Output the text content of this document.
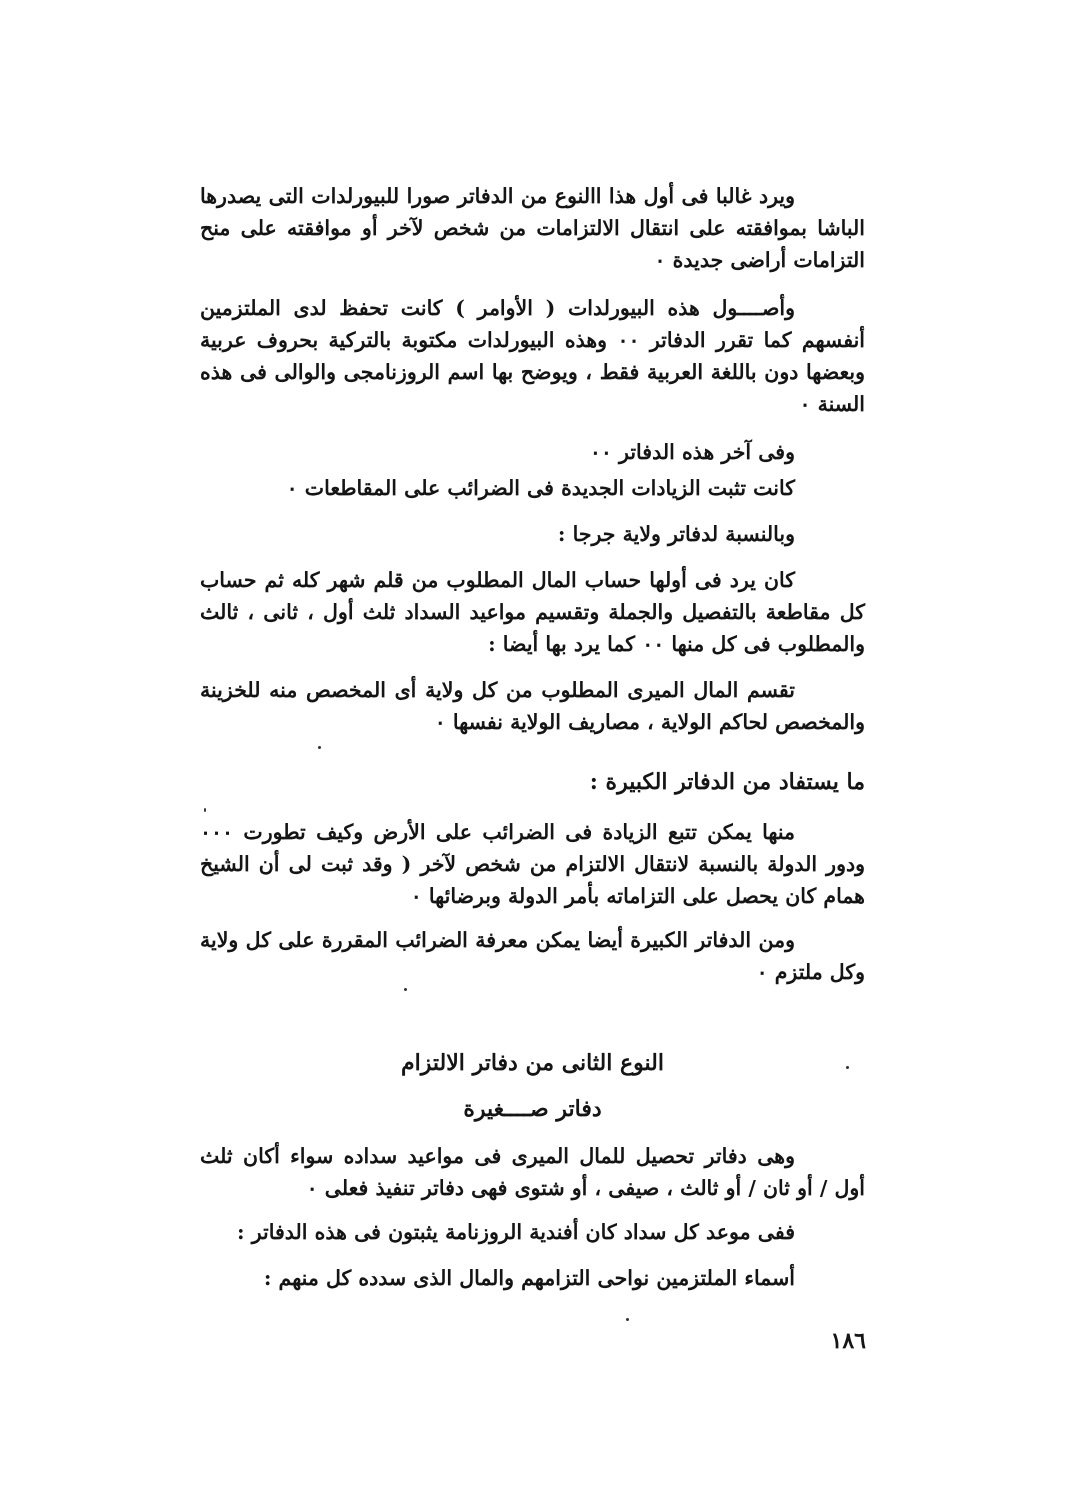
ويرد غالبا فى أول هذا االنوع من الدفاتر صورا للبيورلدات التى يصدرها الباشا بموافقته على انتقال الالتزامات من شخص لآخر أو موافقته على منح التزامات أراضى جديدة ٠

وأصــــول هذه البيورلدات ( الأوامر ) كانت تحفظ لدى الملتزمين أنفسهم كما تقرر الدفاتر ٠٠ وهذه البيورلدات مكتوبة بالتركية بحروف عربية وبعضها دون باللغة العربية فقط ، ويوضح بها اسم الروزنامجى والوالى فى هذه السنة ٠

وفى آخر هذه الدفاتر ٠٠

كانت تثبت الزيادات الجديدة فى الضرائب على المقاطعات ٠

وبالنسبة لدفاتر ولاية جرجا :

كان يرد فى أولها حساب المال المطلوب من قلم شهر كله ثم حساب كل مقاطعة بالتفصيل والجملة وتقسيم مواعيد السداد ثلث أول ، ثانى ، ثالث والمطلوب فى كل منها ٠٠ كما يرد بها أيضا :

تقسم المال الميرى المطلوب من كل ولاية أى المخصص منه للخزينة والمخصص لحاكم الولاية ، مصاريف الولاية نفسها ٠

ما يستفاد من الدفاتر الكبيرة :

منها يمكن تتبع الزيادة فى الضرائب على الأرض وكيف تطورت ٠٠٠ ودور الدولة بالنسبة لانتقال الالتزام من شخص لآخر ( وقد ثبت لى أن الشيخ همام كان يحصل على التزاماته بأمر الدولة وبرضائها ٠

ومن الدفاتر الكبيرة أيضا يمكن معرفة الضرائب المقررة على كل ولاية وكل ملتزم ٠

النوع الثانى من دفاتر الالتزام
دفاتر صــــغيرة

وهى دفاتر تحصيل للمال الميرى فى مواعيد سداده سواء أكان ثلث أول / أو ثان / أو ثالث ، صيفى ، أو شتوى فهى دفاتر تنفيذ فعلى ٠

ففى موعد كل سداد كان أفندية الروزنامة يثبتون فى هذه الدفاتر :

أسماء الملتزمين نواحى التزامهم والمال الذى سدده كل منهم :

١٨٦
